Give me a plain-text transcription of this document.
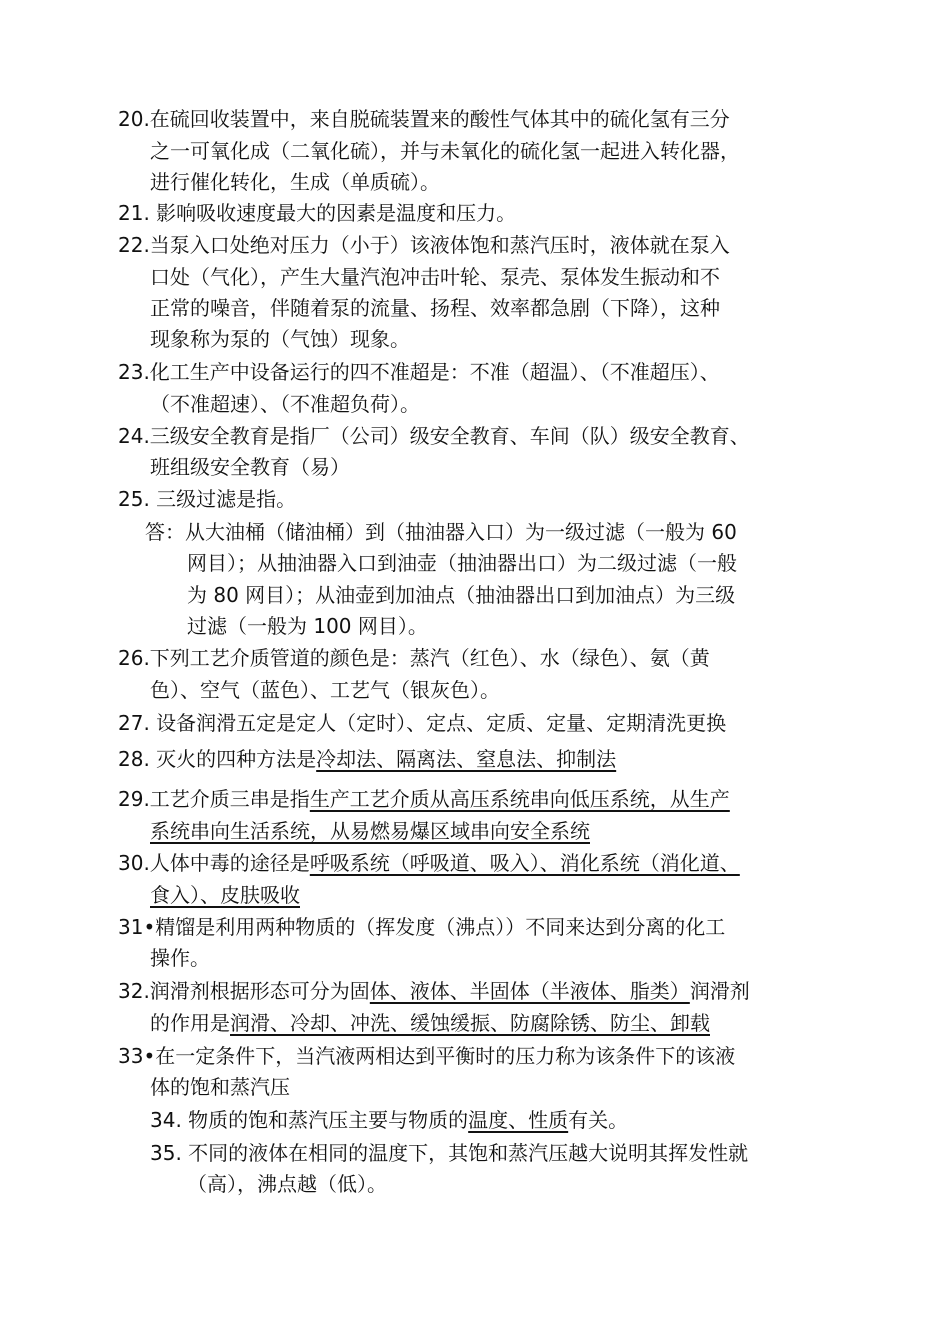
20.在硫回收装置中，来自脱硫装置来的酸性气体其中的硫化氢有三分
之一可氧化成（二氧化硫），并与未氧化的硫化氢一起进入转化器，
进行催化转化，生成（单质硫）。
21. 影响吸收速度最大的因素是温度和压力。
22.当泵入口处绝对压力（小于）该液体饱和蒸汽压时，液体就在泵入
口处（气化），产生大量汽泡冲击叶轮、泵壳、泵体发生振动和不
正常的噪音，伴随着泵的流量、扬程、效率都急剧（下降），这种
现象称为泵的（气蚀）现象。
23.化工生产中设备运行的四不准超是：不准（超温）、（不准超压）、
（不准超速）、（不准超负荷）。
24.三级安全教育是指厂（公司）级安全教育、车间（队）级安全教育、
班组级安全教育（易）
25. 三级过滤是指。
答：从大油桶（储油桶）到（抽油器入口）为一级过滤（一般为 60
网目）；从抽油器入口到油壶（抽油器出口）为二级过滤（一般
为 80 网目）；从油壶到加油点（抽油器出口到加油点）为三级
过滤（一般为 100 网目）。
26.下列工艺介质管道的颜色是：蒸汽（红色）、水（绿色）、氨（黄
色）、空气（蓝色）、工艺气（银灰色）。
27. 设备润滑五定是定人（定时）、定点、定质、定量、定期清洗更换
28. 灭火的四种方法是冷却法、隔离法、窒息法、抑制法
29.工艺介质三串是指生产工艺介质从高压系统串向低压系统，从生产
系统串向生活系统，从易燃易爆区域串向安全系统
30.人体中毒的途径是呼吸系统（呼吸道、吸入）、消化系统（消化道、
食入）、皮肤吸收
31•精馏是利用两种物质的（挥发度（沸点））不同来达到分离的化工
操作。
32.润滑剂根据形态可分为固体、液体、半固体（半液体、脂类）润滑剂
的作用是润滑、冷却、冲洗、缓蚀缓振、防腐除锈、防尘、卸载
33•在一定条件下，当汽液两相达到平衡时的压力称为该条件下的该液
体的饱和蒸汽压
34. 物质的饱和蒸汽压主要与物质的温度、性质有关。
35. 不同的液体在相同的温度下，其饱和蒸汽压越大说明其挥发性就
（高），沸点越（低）。
